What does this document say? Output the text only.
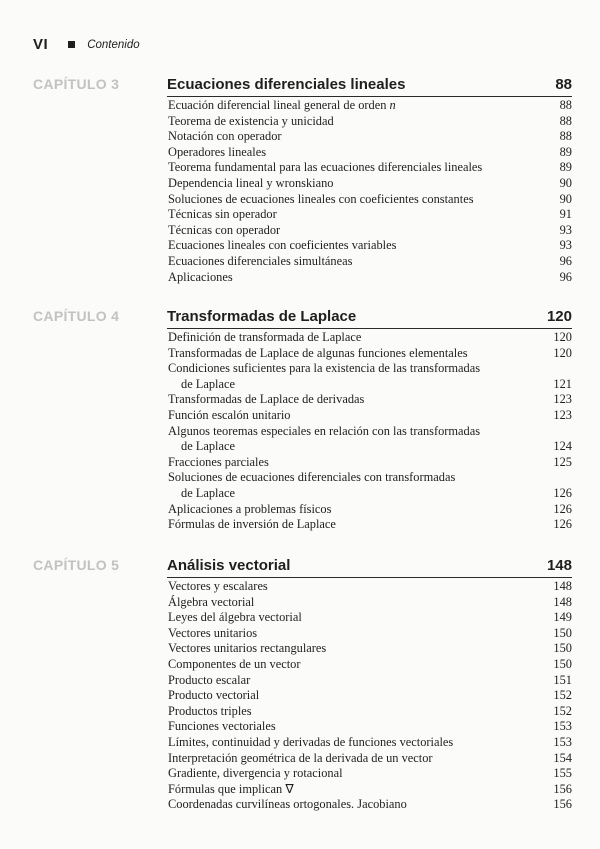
VI	Contenido
CAPÍTULO 3	Ecuaciones diferenciales lineales	88
Ecuación diferencial lineal general de orden n	88
Teorema de existencia y unicidad	88
Notación con operador	88
Operadores lineales	89
Teorema fundamental para las ecuaciones diferenciales lineales	89
Dependencia lineal y wronskiano	90
Soluciones de ecuaciones lineales con coeficientes constantes	90
Técnicas sin operador	91
Técnicas con operador	93
Ecuaciones lineales con coeficientes variables	93
Ecuaciones diferenciales simultáneas	96
Aplicaciones	96
CAPÍTULO 4	Transformadas de Laplace	120
Definición de transformada de Laplace	120
Transformadas de Laplace de algunas funciones elementales	120
Condiciones suficientes para la existencia de las transformadas
de Laplace	121
Transformadas de Laplace de derivadas	123
Función escalón unitario	123
Algunos teoremas especiales en relación con las transformadas
de Laplace	124
Fracciones parciales	125
Soluciones de ecuaciones diferenciales con transformadas
de Laplace	126
Aplicaciones a problemas físicos	126
Fórmulas de inversión de Laplace	126
CAPÍTULO 5	Análisis vectorial	148
Vectores y escalares	148
Álgebra vectorial	148
Leyes del álgebra vectorial	149
Vectores unitarios	150
Vectores unitarios rectangulares	150
Componentes de un vector	150
Producto escalar	151
Producto vectorial	152
Productos triples	152
Funciones vectoriales	153
Límites, continuidad y derivadas de funciones vectoriales	153
Interpretación geométrica de la derivada de un vector	154
Gradiente, divergencia y rotacional	155
Fórmulas que implican ∇	156
Coordenadas curvilíneas ortogonales. Jacobiano	156
